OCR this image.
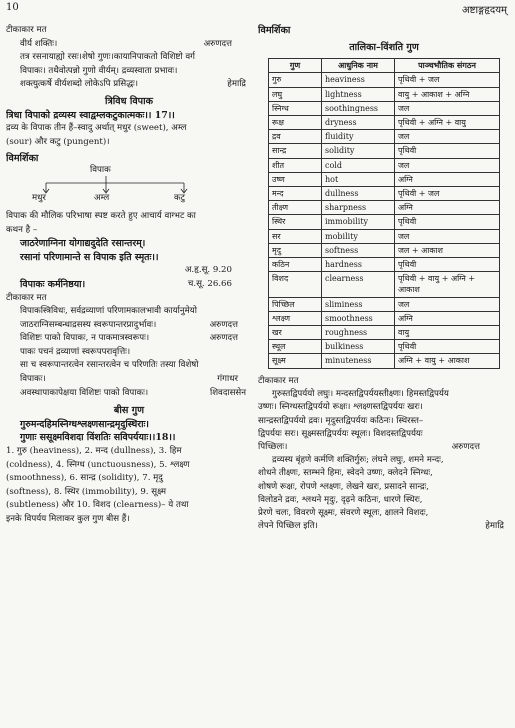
10	अष्टाङ्गहृदयम्
टीकाकार मत
वीर्य शक्तिः।	अरुणदत्त
तत्र रसनायाह्यो रसः।शेषो गुणः।कायानिपाकतो विशिष्टो वर्ग
विपाकः। तथैवोत्पन्नो गुणो वीर्यम्। द्रव्यस्वाता प्रभावः।
शक्त्युत्कर्षे वीर्यशब्दो लोकेऽपि प्रसिद्धः।	हेमाद्रि
त्रिविध विपाक
त्रिधा विपाको द्रव्यस्य स्वाद्वम्लकटुकात्मकः।। 17।।
द्रव्य के विपाक तीन हैं–स्वादु अर्थात् मधुर (sweet), अम्ल
(sour) और कटु (pungent)।
विमर्शिका
विपाक
मधुर	अम्ल	कटु
विपाक की मौलिक परिभाषा स्पष्ट करते हुए आचार्य वाग्भट का
कथन है –
जाठरेणाग्निना योगाद्यदुदेति रसान्तरम्।
रसानां परिणामान्ते स विपाक इति स्मृतः।।
अ.हृ.सू. 9.20
विपाकः कर्मनिष्ठया।	च.सू. 26.66
टीकाकार मत
विपाकस्त्रिविधः, सर्वद्रव्याणां परिणामकालभावी कार्यानुमेयो
जाठराग्निसम्बन्धाद्रसस्य स्वरूपान्तरप्रादुर्भावः।	अरुणदत्त
विशिष्टः पाको विपाकः, न पाकमात्रस्वरूपः।	अरुणदत्त
पाकः पचनं द्रव्याणां स्वरूपपरावृत्तिः।
सा च स्वरूपान्तरत्वेन रसान्तरत्वेन च परिणतिः तस्या विशेषो
विपाकः।	गंगाधर
अवस्थापाकापेक्षया विशिष्टः पाको विपाकः।	शिवदाससेन
बीस गुण
गुरुमन्दहिमस्निग्धश्लक्ष्णसान्द्रमृदुस्थिराः।
गुणाः ससूक्ष्मविशदा विंशतिः सविपर्ययाः।।18।।
1. गुरु (heaviness), 2. मन्द (dullness), 3. हिम
(coldness), 4. स्निग्ध (unctuousness), 5. श्लक्ष्ण
(smoothness), 6. सान्द्र (solidity), 7. मृदु
(softness), 8. स्थिर (immobility), 9. सूक्ष्म
(subtleness) और 10. विशद (clearness)– ये तथा
इनके विपर्यय मिलाकर कुल गुण बीस हैं।
विमर्शिका
तालिका–विंशति गुण
गुण	आधुनिक नाम	पाञ्चभौतिक संगठन
गुरु	heaviness	पृथिवी + जल
लघु	lightness	वायु + आकाश + अग्नि
स्निग्ध	soothingness	जल
रूक्ष	dryness	पृथिवी + अग्नि + वायु
द्रव	fluidity	जल
सान्द्र	solidity	पृथिवी
शीत	cold	जल
उष्ण	hot	अग्नि
मन्द	dullness	पृथिवी + जल
तीक्ष्ण	sharpness	अग्नि
स्थिर	immobility	पृथिवी
सर	mobility	जल
मृदु	softness	जल + आकाश
कठिन	hardness	पृथिवी
विशद	clearness	पृथिवी + वायु + अग्नि + आकाश
पिच्छिल	sliminess	जल
श्लक्ष्ण	smoothness	अग्नि
खर	roughness	वायु
स्थूल	bulkiness	पृथिवी
सूक्ष्म	minuteness	अग्नि + वायु + आकाश
टीकाकार मत
गुरुस्तद्विपर्ययो लघुः। मन्दस्तद्विपर्ययस्तीक्ष्णः। हिमस्तद्विपर्यय
उष्णः। स्निग्धस्तद्विपर्ययो रूक्षः। श्लक्ष्णस्तद्विपर्ययः खरः।
सान्द्रस्तद्विपर्ययो द्रवः। मृदुस्तद्विपर्ययः कठिनः। स्थिरस्त–
द्विपर्ययः सरः। सूक्ष्मस्तद्विपर्ययः स्थूलः। विशदस्तद्विपर्ययः
पिच्छिलः।	अरुणदत्त
द्रव्यस्य बृंहणे कर्मणि शक्तिर्गुरुः; लंघने लघुः, शमने मन्दः,
शोधने तीक्ष्णः, स्तम्भने हिमः, स्वेदने उष्णः, क्लेदने स्निग्धः,
शोषणे रूक्षः, रोपणे श्लक्ष्णः, लेखने खरः, प्रसादने सान्द्रः,
विलोडने द्रवः, श्लथने मृदुः, दृढ़ने कठिनः, धारणे स्थिरः,
प्रेरणे चलः, विवरणे सूक्ष्मः, संवरणे स्थूलः, क्षालने विशदः,
लेपने पिच्छिल इति।	हेमाद्रि
